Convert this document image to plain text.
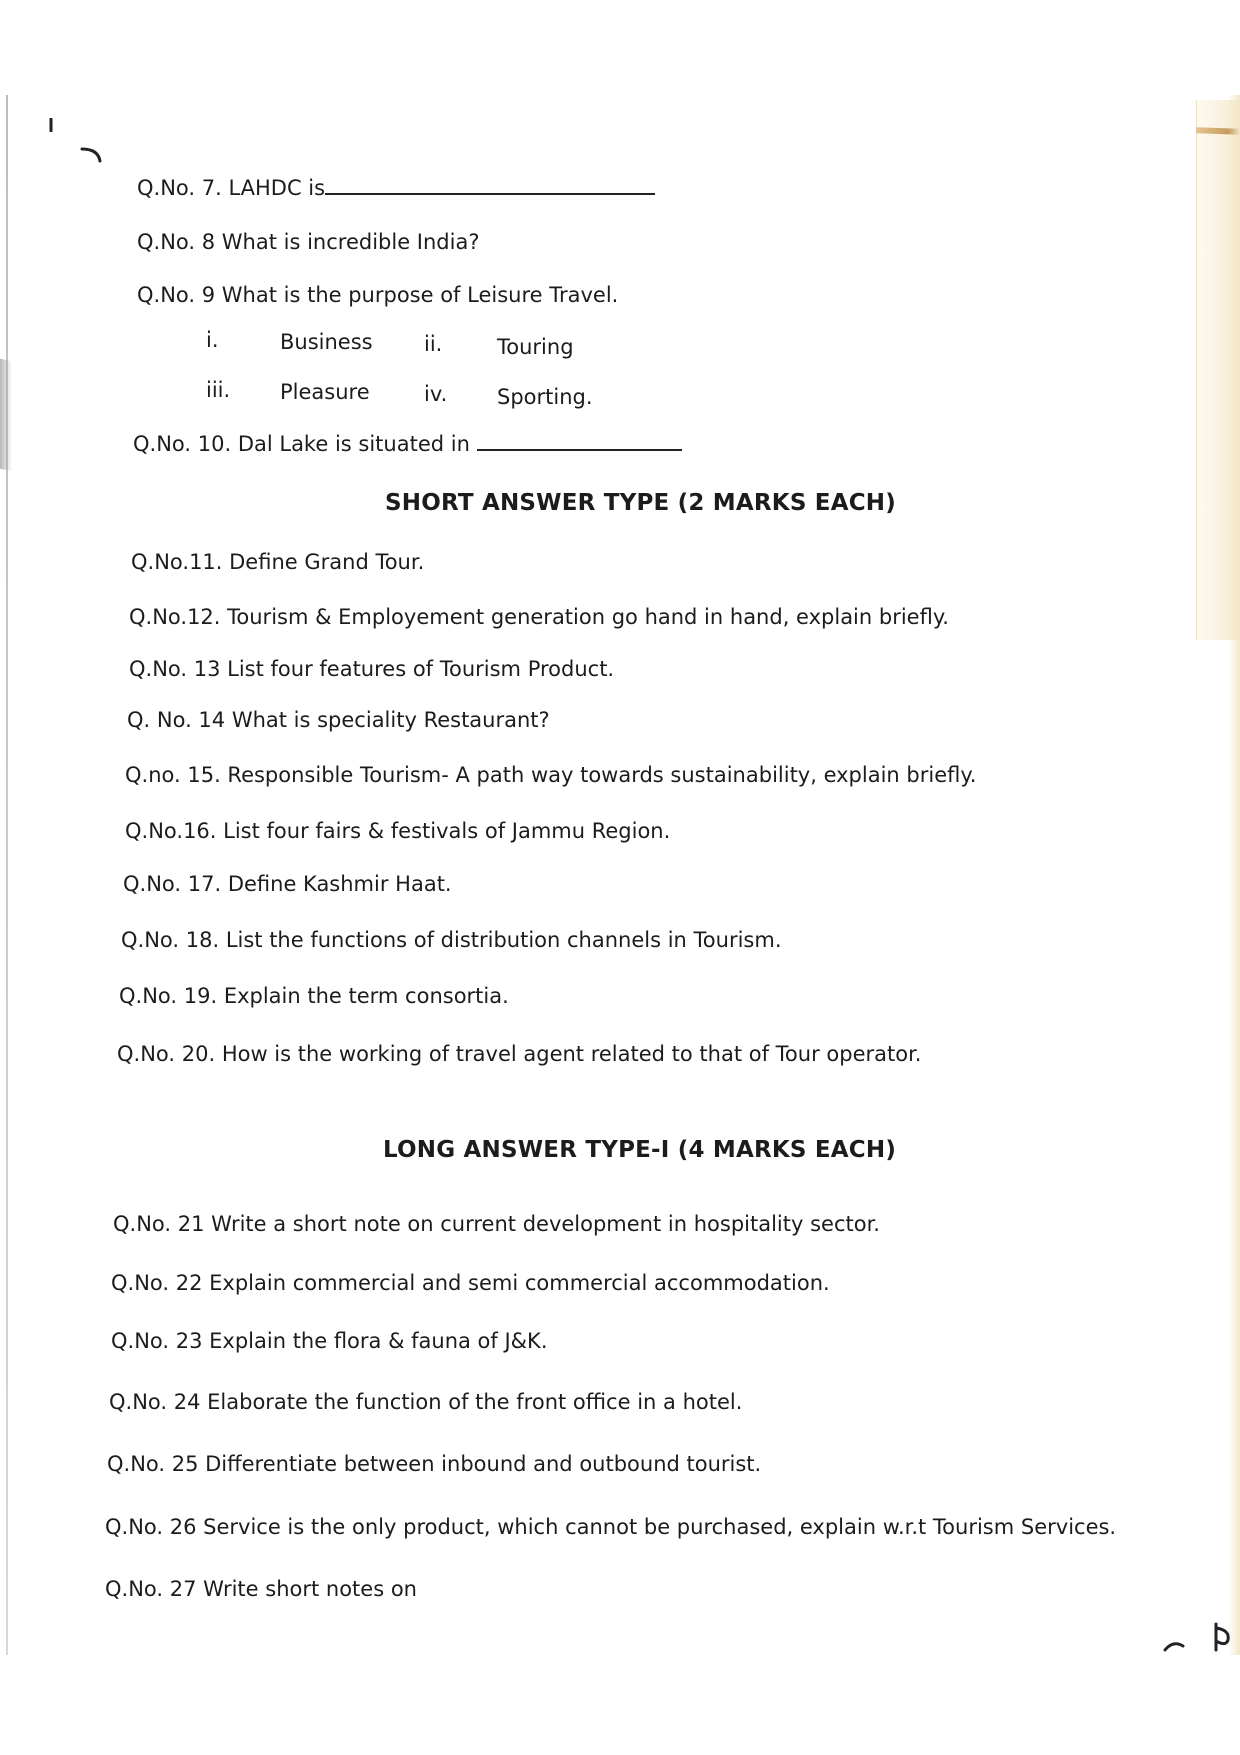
Q.No. 7. LAHDC is
Q.No. 8 What is incredible India?
Q.No. 9 What is the purpose of Leisure Travel.
i.	Business ii.	Touring
iii. Pleasure	iv. Sporting.
Q.No. 10. Dal Lake is situated in
SHORT ANSWER TYPE (2 MARKS EACH)
Q.No.11. Define Grand Tour.
Q.No.12. Tourism & Employement generation go hand in hand, explain briefly.
Q.No. 13 List four features of Tourism Product.
Q. No. 14 What is speciality Restaurant?
Q.no. 15. Responsible Tourism- A path way towards sustainability, explain briefly.
Q.No.16. List four fairs & festivals of Jammu Region.
Q.No. 17. Define Kashmir Haat.
Q.No. 18. List the functions of distribution channels in Tourism.
Q.No. 19. Explain the term consortia.
Q.No. 20. How is the working of travel agent related to that of Tour operator.
LONG ANSWER TYPE-I (4 MARKS EACH)
Q.No. 21 Write a short note on current development in hospitality sector.
Q.No. 22 Explain commercial and semi commercial accommodation.
Q.No. 23 Explain the flora & fauna of J&K.
Q.No. 24 Elaborate the function of the front office in a hotel.
Q.No. 25 Differentiate between inbound and outbound tourist.
Q.No. 26 Service is the only product, which cannot be purchased, explain w.r.t Tourism Services.
Q.No. 27 Write short notes on
